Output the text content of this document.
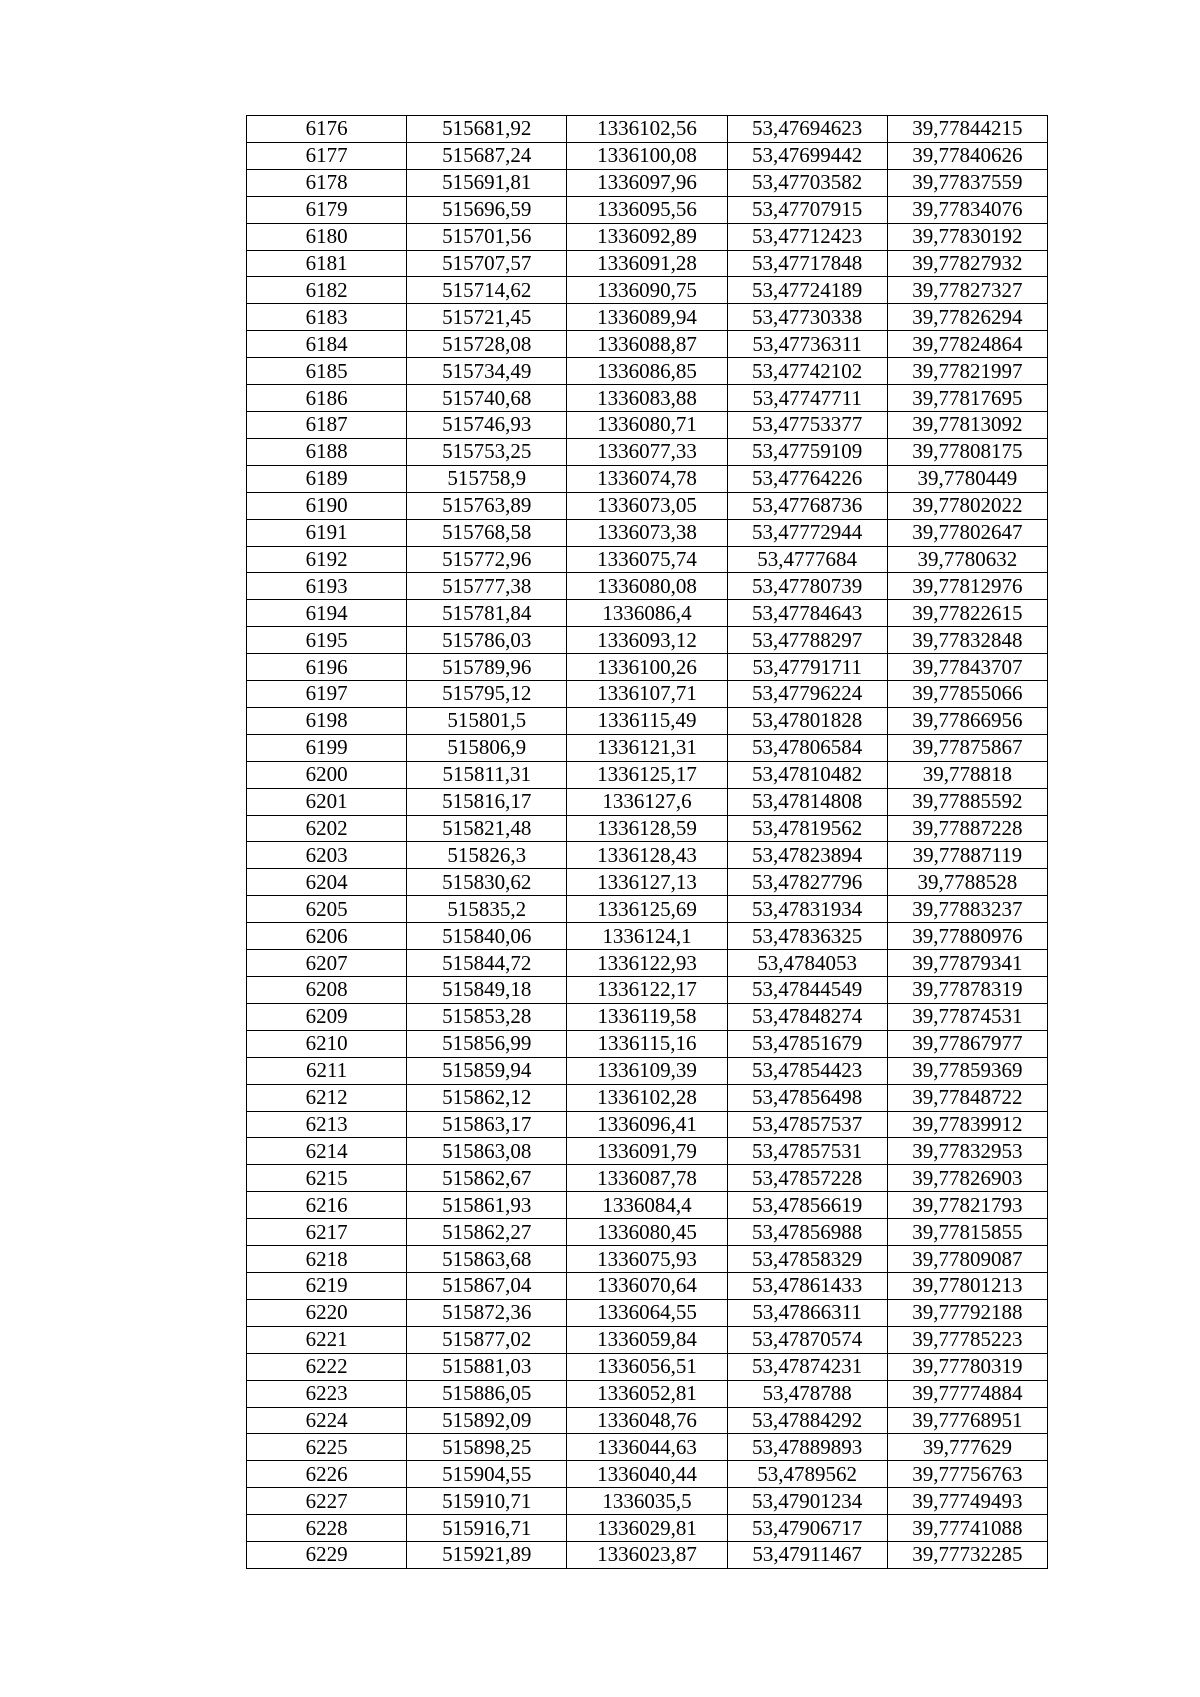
6176	515681,92	1336102,56	53,47694623	39,77844215
6177	515687,24	1336100,08	53,47699442	39,77840626
6178	515691,81	1336097,96	53,47703582	39,77837559
6179	515696,59	1336095,56	53,47707915	39,77834076
6180	515701,56	1336092,89	53,47712423	39,77830192
6181	515707,57	1336091,28	53,47717848	39,77827932
6182	515714,62	1336090,75	53,47724189	39,77827327
6183	515721,45	1336089,94	53,47730338	39,77826294
6184	515728,08	1336088,87	53,47736311	39,77824864
6185	515734,49	1336086,85	53,47742102	39,77821997
6186	515740,68	1336083,88	53,47747711	39,77817695
6187	515746,93	1336080,71	53,47753377	39,77813092
6188	515753,25	1336077,33	53,47759109	39,77808175
6189	515758,9	1336074,78	53,47764226	39,7780449
6190	515763,89	1336073,05	53,47768736	39,77802022
6191	515768,58	1336073,38	53,47772944	39,77802647
6192	515772,96	1336075,74	53,4777684	39,7780632
6193	515777,38	1336080,08	53,47780739	39,77812976
6194	515781,84	1336086,4	53,47784643	39,77822615
6195	515786,03	1336093,12	53,47788297	39,77832848
6196	515789,96	1336100,26	53,47791711	39,77843707
6197	515795,12	1336107,71	53,47796224	39,77855066
6198	515801,5	1336115,49	53,47801828	39,77866956
6199	515806,9	1336121,31	53,47806584	39,77875867
6200	515811,31	1336125,17	53,47810482	39,778818
6201	515816,17	1336127,6	53,47814808	39,77885592
6202	515821,48	1336128,59	53,47819562	39,77887228
6203	515826,3	1336128,43	53,47823894	39,77887119
6204	515830,62	1336127,13	53,47827796	39,7788528
6205	515835,2	1336125,69	53,47831934	39,77883237
6206	515840,06	1336124,1	53,47836325	39,77880976
6207	515844,72	1336122,93	53,4784053	39,77879341
6208	515849,18	1336122,17	53,47844549	39,77878319
6209	515853,28	1336119,58	53,47848274	39,77874531
6210	515856,99	1336115,16	53,47851679	39,77867977
6211	515859,94	1336109,39	53,47854423	39,77859369
6212	515862,12	1336102,28	53,47856498	39,77848722
6213	515863,17	1336096,41	53,47857537	39,77839912
6214	515863,08	1336091,79	53,47857531	39,77832953
6215	515862,67	1336087,78	53,47857228	39,77826903
6216	515861,93	1336084,4	53,47856619	39,77821793
6217	515862,27	1336080,45	53,47856988	39,77815855
6218	515863,68	1336075,93	53,47858329	39,77809087
6219	515867,04	1336070,64	53,47861433	39,77801213
6220	515872,36	1336064,55	53,47866311	39,77792188
6221	515877,02	1336059,84	53,47870574	39,77785223
6222	515881,03	1336056,51	53,47874231	39,77780319
6223	515886,05	1336052,81	53,478788	39,77774884
6224	515892,09	1336048,76	53,47884292	39,77768951
6225	515898,25	1336044,63	53,47889893	39,777629
6226	515904,55	1336040,44	53,4789562	39,77756763
6227	515910,71	1336035,5	53,47901234	39,77749493
6228	515916,71	1336029,81	53,47906717	39,77741088
6229	515921,89	1336023,87	53,47911467	39,77732285
